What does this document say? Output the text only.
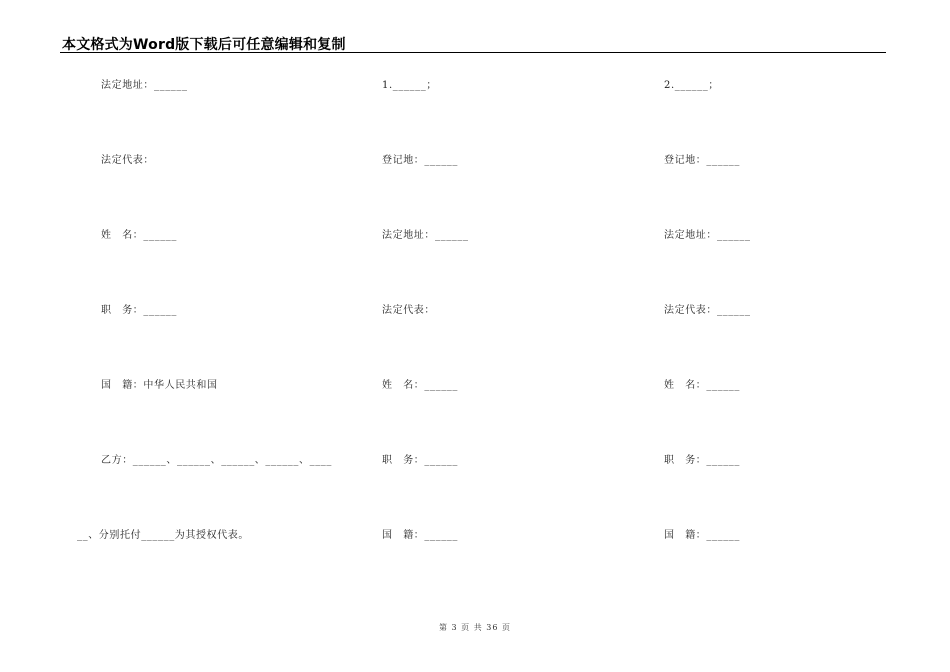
本文格式为Word版下载后可任意编辑和复制
法定地址：______	1.______；	2.______；
法定代表：	登记地：______	登记地：______
姓　名：______	法定地址：______	法定地址：______
职　务：______	法定代表：	法定代表：______
国　籍：中华人民共和国	姓　名：______	姓　名：______
乙方：______、______、______、______、____	职　务：______	职　务：______
__、分别托付______为其授权代表。	国　籍：______	国　籍：______
第 3 页 共 36 页
